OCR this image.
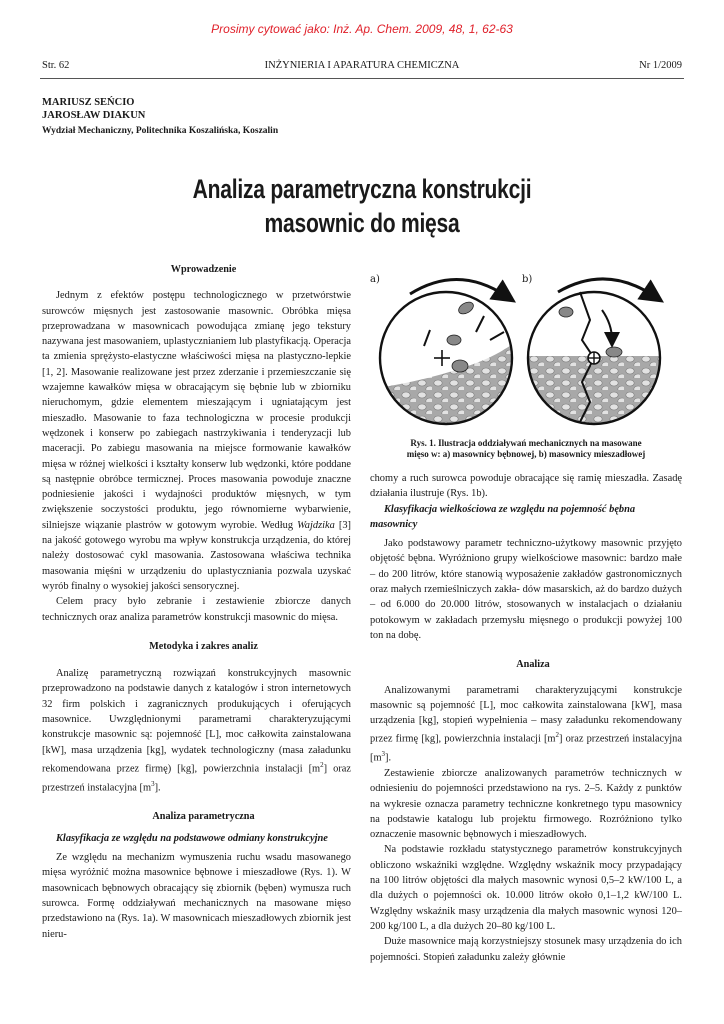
Prosimy cytować jako: Inż. Ap. Chem. 2009, 48, 1, 62-63
Str. 62	INŻYNIERIA I APARATURA CHEMICZNA	Nr 1/2009
MARIUSZ SEŃCIO
JAROSŁAW DIAKUN
Wydział Mechaniczny, Politechnika Koszalińska, Koszalin
Analiza parametryczna konstrukcji
masownic do mięsa

Wprowadzenie

Jednym z efektów postępu technologicznego w przetwórstwie surowców mięsnych jest zastosowanie masownic. Obróbka mięsa przeprowadzana w masownicach powodująca zmianę jego tekstury nazywana jest masowaniem, uplastycznianiem lub plastyfikacją. Operacja ta zmienia sprężysto-elastyczne właściwości mięsa na plastyczno-lepkie [1, 2]. Masowanie realizowane jest przez zderzanie i przemieszczanie się wzajemne kawałków mięsa w obracającym się bębnie lub w zbiorniku nieruchomym, gdzie elementem mieszającym i ugniatającym jest mieszadło. Masowanie to faza technologiczna w procesie produkcji wędzonek i konserw po zabiegach nastrzykiwania i tenderyzacji lub maceracji. Po zabiegu masowania na miejsce formowanie kawałków mięsa w różnej wielkości i kształty konserw lub wędzonki, które poddane są następnie obróbce termicznej. Proces masowania powoduje znaczne podniesienie jakości i wydajności produktów mięsnych, w tym zwiększenie soczystości produktu, jego równomierne wybarwienie, silniejsze wiązanie plastrów w gotowym wyrobie. Według Wajdzika [3] na jakość gotowego wyrobu ma wpływ konstrukcja urządzenia, do której należy dostosować cykl masowania. Zastosowana właściwa technika masowania mięśni w urządzeniu do uplastyczniania pozwala uzyskać wyrób finalny o wysokiej jakości sensorycznej.

Celem pracy było zebranie i zestawienie zbiorcze danych technicznych oraz analiza parametrów konstrukcji masownic do mięsa.

Metodyka i zakres analiz

Analizę parametryczną rozwiązań konstrukcyjnych masownic przeprowadzono na podstawie danych z katalogów i stron internetowych 32 firm polskich i zagranicznych produkujących i oferujących masownice. Uwzględnionymi parametrami charakteryzującymi konstrukcje masownic są: pojemność [L], moc całkowita zainstalowana [kW], masa urządzenia [kg], wydatek technologiczny (masa załadunku rekomendowana przez firmę) [kg], powierzchnia instalacji $[m^2]$ oraz przestrzeń instalacyjna $[m^3]$.

Analiza parametryczna

Klasyfikacja ze względu na podstawowe odmiany konstrukcyjne

Ze względu na mechanizm wymuszenia ruchu wsadu masowanego mięsa wyróżnić można masownice bębnowe i mieszadłowe (Rys. 1). W masownicach bębnowych obracający się zbiornik (bęben) wymusza ruch surowca. Formę oddziaływań mechanicznych na masowane mięso przedstawiono na (Rys. 1a). W masownicach mieszadłowych zbiornik jest nieru-

a)	b)
Rys. 1. Ilustracja oddziaływań mechanicznych na masowane
mięso w: a) masownicy bębnowej, b) masownicy mieszadłowej

chomy a ruch surowca powoduje obracające się ramię mieszadła. Zasadę działania ilustruje (Rys. 1b).

Klasyfikacja wielkościowa ze względu na pojemność bębna masownicy

Jako podstawowy parametr techniczno-użytkowy masownic przyjęto objętość bębna. Wyróżniono grupy wielkościowe masownic: bardzo małe – do 200 litrów, które stanowią wyposażenie zakładów gastronomicznych oraz małych rzemieślniczych zakła- dów masarskich, aż do bardzo dużych – od 6.000 do 20.000 litrów, stosowanych w instalacjach o działaniu potokowym w zakładach przemysłu mięsnego o produkcji powyżej 100 ton na dobę.

Analiza

Analizowanymi parametrami charakteryzującymi konstrukcje masownic są pojemność [L], moc całkowita zainstalowana [kW], masa urządzenia [kg], stopień wypełnienia – masy załadunku rekomendowany przez firmę [kg], powierzchnia instalacji $[m^2]$ oraz przestrzeń instalacyjna $[m^3]$.

Zestawienie zbiorcze analizowanych parametrów technicznych w odniesieniu do pojemności przedstawiono na rys. 2–5. Każdy z punktów na wykresie oznacza parametry techniczne konkretnego typu masownicy na podstawie katalogu lub projektu firmowego. Rozróżniono tylko oznaczenie masownic bębnowych i mieszadłowych.

Na podstawie rozkładu statystycznego parametrów konstrukcyjnych obliczono wskaźniki względne. Względny wskaźnik mocy przypadający na 100 litrów objętości dla małych masownic wynosi 0,5–2 kW/100 L, a dla dużych o pojemności ok. 10.000 litrów około 0,1–1,2 kW/100 L. Względny wskaźnik masy urządzenia dla małych masownic wynosi 120–200 kg/100 L, a dla dużych 20–80 kg/100 L.

Duże masownice mają korzystniejszy stosunek masy urządzenia do ich pojemności. Stopień załadunku zależy głównie
